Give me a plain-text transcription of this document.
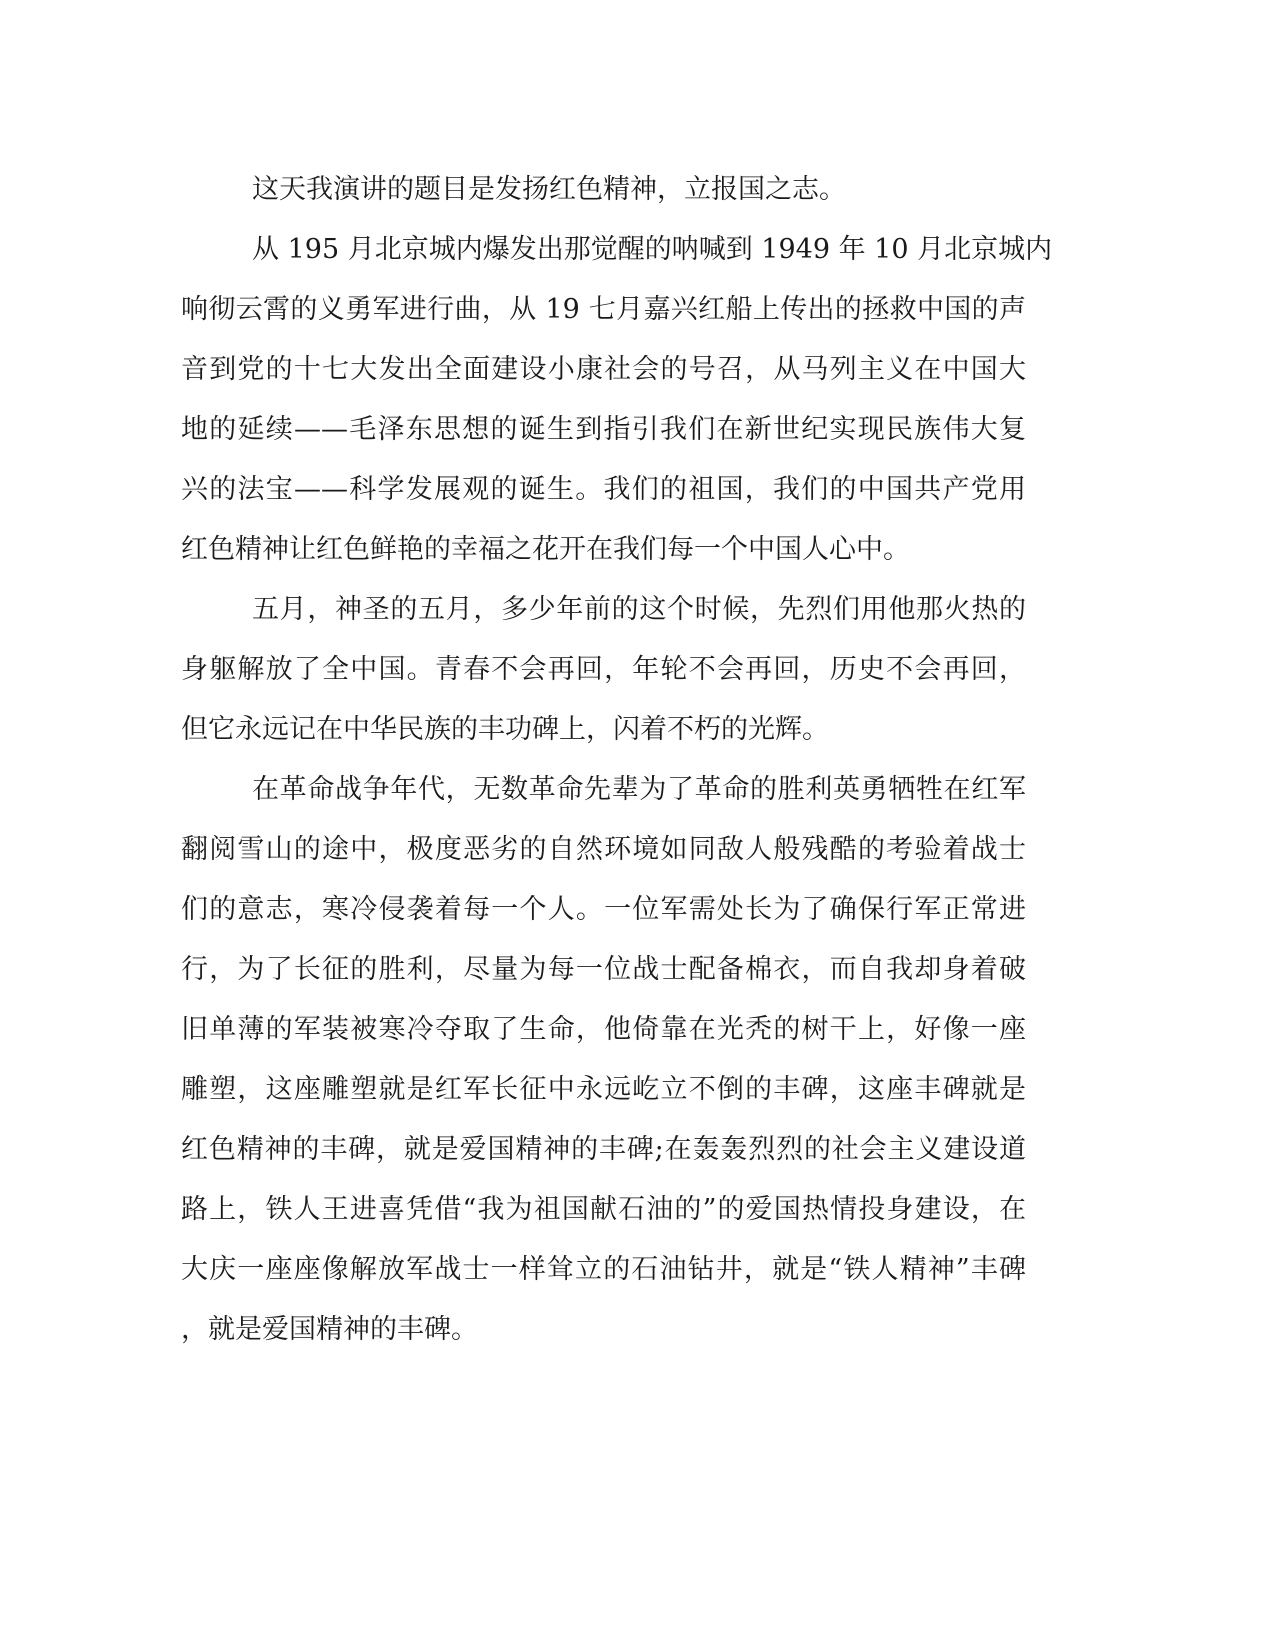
这天我演讲的题目是发扬红色精神，立报国之志。
从 195 月北京城内爆发出那觉醒的呐喊到 1949 年 10 月北京城内
响彻云霄的义勇军进行曲，从 19 七月嘉兴红船上传出的拯救中国的声
音到党的十七大发出全面建设小康社会的号召，从马列主义在中国大
地的延续——毛泽东思想的诞生到指引我们在新世纪实现民族伟大复
兴的法宝——科学发展观的诞生。我们的祖国，我们的中国共产党用
红色精神让红色鲜艳的幸福之花开在我们每一个中国人心中。
五月，神圣的五月，多少年前的这个时候，先烈们用他那火热的
身躯解放了全中国。青春不会再回，年轮不会再回，历史不会再回，
但它永远记在中华民族的丰功碑上，闪着不朽的光辉。
在革命战争年代，无数革命先辈为了革命的胜利英勇牺牲在红军
翻阅雪山的途中，极度恶劣的自然环境如同敌人般残酷的考验着战士
们的意志，寒冷侵袭着每一个人。一位军需处长为了确保行军正常进
行，为了长征的胜利，尽量为每一位战士配备棉衣，而自我却身着破
旧单薄的军装被寒冷夺取了生命，他倚靠在光秃的树干上，好像一座
雕塑，这座雕塑就是红军长征中永远屹立不倒的丰碑，这座丰碑就是
红色精神的丰碑，就是爱国精神的丰碑;在轰轰烈烈的社会主义建设道
路上，铁人王进喜凭借“我为祖国献石油的”的爱国热情投身建设，在
大庆一座座像解放军战士一样耸立的石油钻井，就是“铁人精神”丰碑
，就是爱国精神的丰碑。
